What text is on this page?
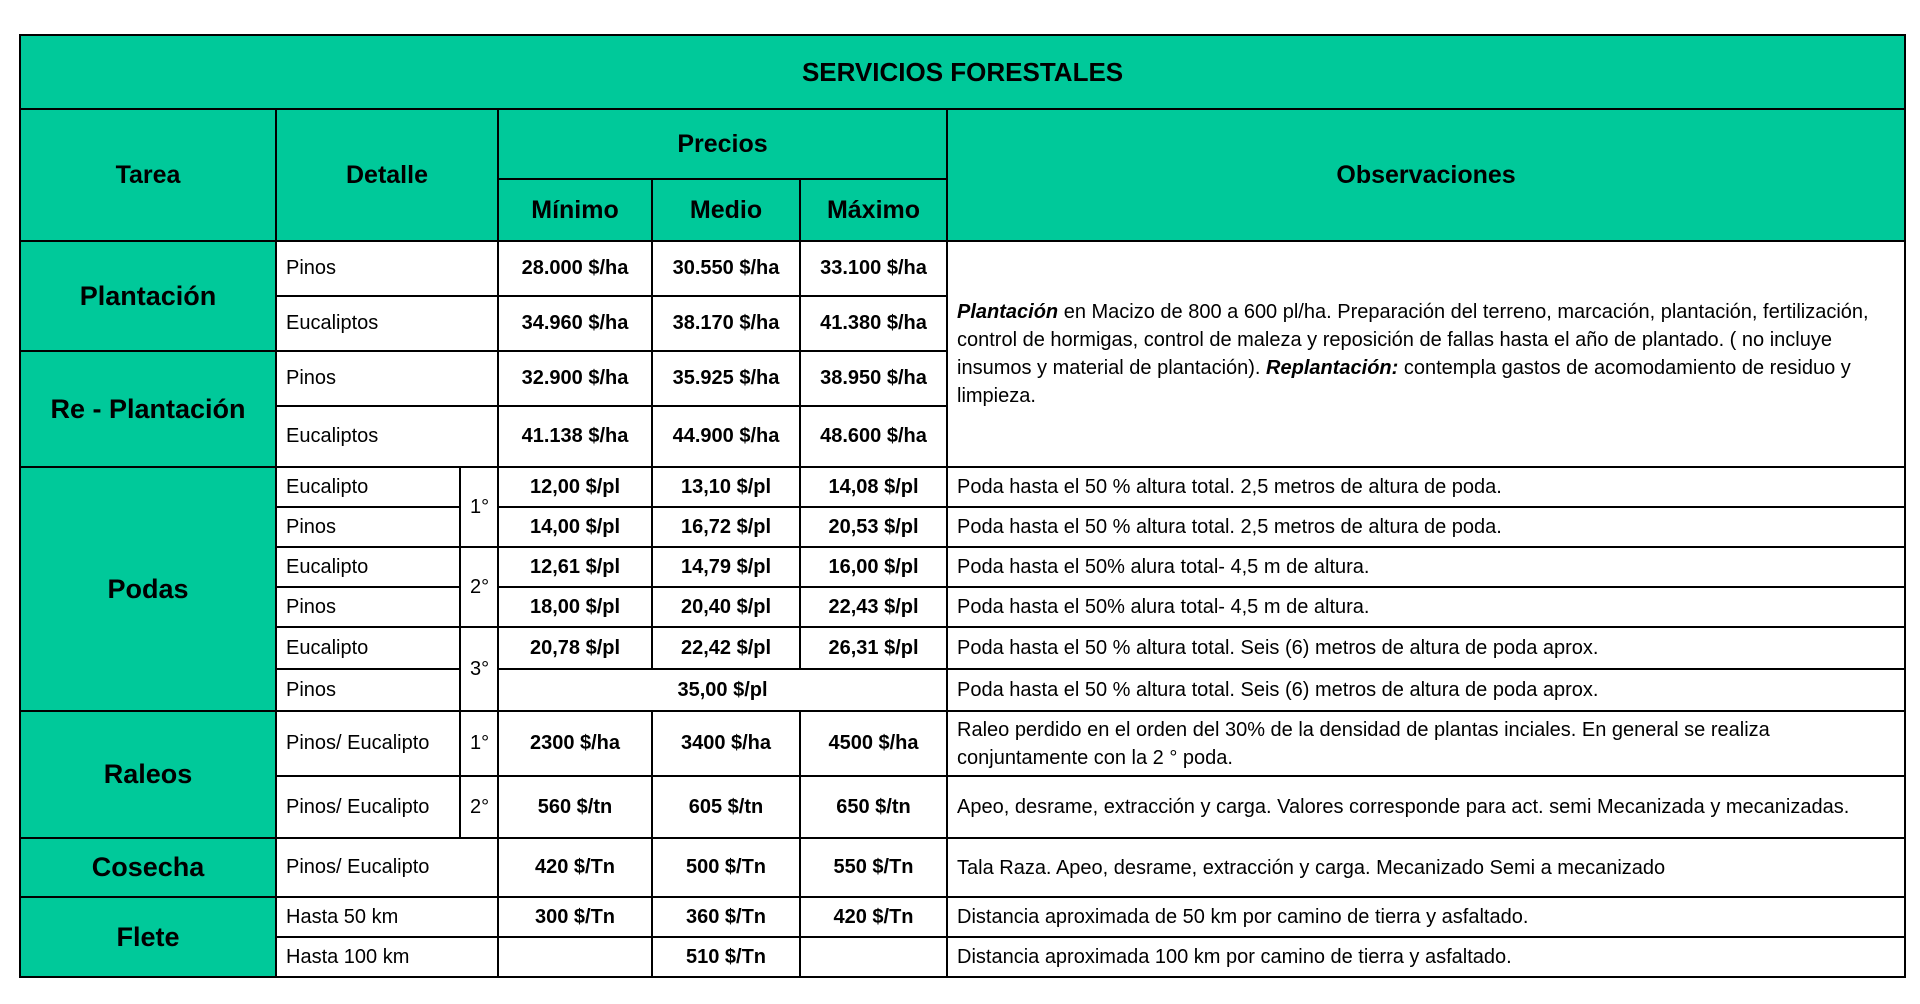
SERVICIOS FORESTALES						
Tarea	Detalle		Precios			Observaciones
			Mínimo	Medio	Máximo	
Plantación	Pinos		28.000 $/ha	30.550 $/ha	33.100 $/ha	Plantación en Macizo de 800 a 600 pl/ha. Preparación del terreno, marcación, plantación, fertilización, control de hormigas, control de maleza y reposición de fallas hasta el año de plantado. ( no incluye insumos y material de plantación). Replantación: contempla gastos de acomodamiento de residuo y limpieza.
	Eucaliptos		34.960 $/ha	38.170 $/ha	41.380 $/ha	
Re - Plantación	Pinos		32.900 $/ha	35.925 $/ha	38.950 $/ha	
	Eucaliptos		41.138 $/ha	44.900 $/ha	48.600 $/ha	
Podas	Eucalipto	1°	12,00 $/pl	13,10 $/pl	14,08 $/pl	Poda hasta el 50 % altura total. 2,5 metros de altura de poda.
	Pinos		14,00 $/pl	16,72 $/pl	20,53 $/pl	Poda hasta el 50 % altura total. 2,5 metros de altura de poda.
	Eucalipto	2°	12,61 $/pl	14,79 $/pl	16,00 $/pl	Poda hasta el 50% alura total- 4,5 m de altura.
	Pinos		18,00 $/pl	20,40 $/pl	22,43 $/pl	Poda hasta el 50% alura total- 4,5 m de altura.
	Eucalipto	3°	20,78 $/pl	22,42 $/pl	26,31 $/pl	Poda hasta el 50 % altura total. Seis (6) metros de altura de poda aprox.
	Pinos		35,00 $/pl			Poda hasta el 50 % altura total. Seis (6) metros de altura de poda aprox.
Raleos	Pinos/ Eucalipto	1°	2300 $/ha	3400 $/ha	4500 $/ha	Raleo perdido en el orden del 30% de la densidad de plantas inciales. En general se realiza conjuntamente con la 2 ° poda.
	Pinos/ Eucalipto	2°	560 $/tn	605 $/tn	650 $/tn	Apeo, desrame, extracción y carga. Valores corresponde para act. semi Mecanizada y mecanizadas.
Cosecha	Pinos/ Eucalipto		420 $/Tn	500 $/Tn	550 $/Tn	Tala Raza. Apeo, desrame, extracción y carga. Mecanizado Semi a mecanizado
Flete	Hasta 50 km		300 $/Tn	360 $/Tn	420 $/Tn	Distancia aproximada de 50 km por camino de tierra y asfaltado.
	Hasta 100 km			510 $/Tn		Distancia aproximada 100 km por camino de tierra y asfaltado.
